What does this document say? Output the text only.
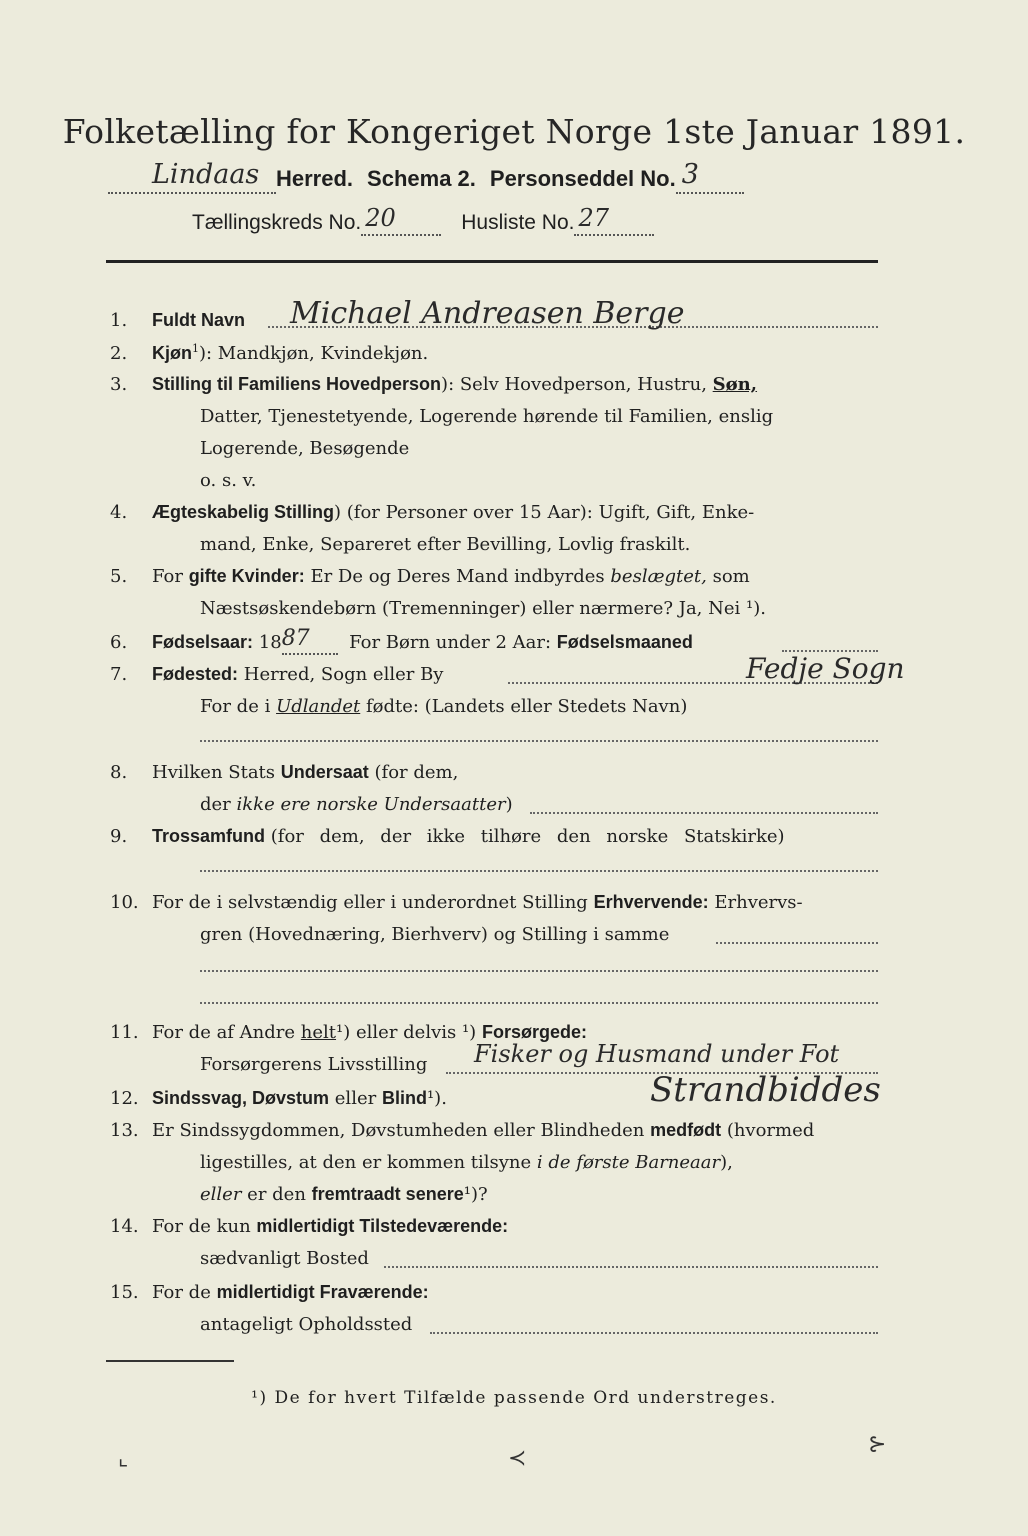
Folketælling for Kongeriget Norge 1ste Januar 1891.
Lindaas Herred. Schema 2. Personseddel No. 3

Tællingskreds No. 20	Husliste No. 27

1. Fuldt Navn Michael Andreasen Berge
2. Kjøn$^1$): Mandkjøn, Kvindekjøn.
3. Stilling til Familiens Hovedperson): Selv Hovedperson, Hustru, Søn,
Datter, Tjenestetyende, Logerende hørende til Familien, enslig
Logerende, Besøgende
o. s. v.
4. Ægteskabelig Stilling) (for Personer over 15 Aar): Ugift, Gift, Enke-
mand, Enke, Separeret efter Bevilling, Lovlig fraskilt.
5. For gifte Kvinder: Er De og Deres Mand indbyrdes beslægtet, som
Næstsøskendebørn (Tremenninger) eller nærmere? Ja, Nei ¹).
6. Fødselsaar: 18 87 For Børn under 2 Aar: Fødselsmaaned
7. Fødested: Herred, Sogn eller By	Fedje Sogn
For de i Udlandet fødte: (Landets eller Stedets Navn)
8. Hvilken Stats Undersaat (for dem,
der ikke ere norske Undersaatter)
9. Trossamfund (for dem, der ikke tilhøre den norske Statskirke)
10. For de i selvstændig eller i underordnet Stilling Erhvervende: Erhvervs-
gren (Hovednæring, Bierhverv) og Stilling i samme
11. For de af Andre helt¹) eller delvis ¹) Forsørgede:
Forsørgerens Livsstilling Fisker og Husmand under Fot
12. Sindssvag, Døvstum eller Blind¹).	Strandbiddes
13. Er Sindssygdommen, Døvstumheden eller Blindheden medfødt (hvormed
ligestilles, at den er kommen tilsyne i de første Barneaar),
eller er den fremtraadt senere¹)?
14. For de kun midlertidigt Tilstedeværende:
sædvanligt Bosted
15. For de midlertidigt Fraværende:
antageligt Opholdssted
¹) De for hvert Tilfælde passende Ord understreges.
⌞	≺
⊱
